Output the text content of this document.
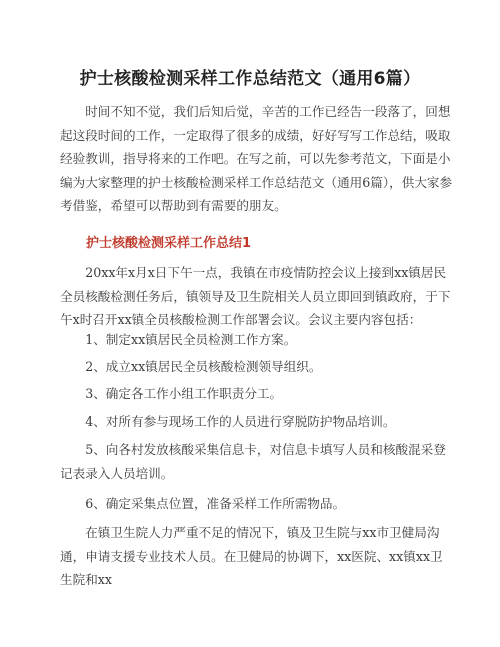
护士核酸检测采样工作总结范文（通用6篇）

时间不知不觉，我们后知后觉，辛苦的工作已经告一段落了，回想起这段时间的工作，一定取得了很多的成绩，好好写写工作总结，吸取经验教训，指导将来的工作吧。在写之前，可以先参考范文，下面是小编为大家整理的护士核酸检测采样工作总结范文（通用6篇），供大家参考借鉴，希望可以帮助到有需要的朋友。

护士核酸检测采样工作总结1

20xx年x月x日下午一点，我镇在市疫情防控会议上接到xx镇居民全员核酸检测任务后，镇领导及卫生院相关人员立即回到镇政府，于下午x时召开xx镇全员核酸检测工作部署会议。会议主要内容包括：

1、制定xx镇居民全员检测工作方案。

2、成立xx镇居民全员核酸检测领导组织。

3、确定各工作小组工作职责分工。

4、对所有参与现场工作的人员进行穿脱防护物品培训。

5、向各村发放核酸采集信息卡，对信息卡填写人员和核酸混采登记表录入人员培训。

6、确定采集点位置，准备采样工作所需物品。

在镇卫生院人力严重不足的情况下，镇及卫生院与xx市卫健局沟通，申请支援专业技术人员。在卫健局的协调下，xx医院、xx镇xx卫生院和xx
